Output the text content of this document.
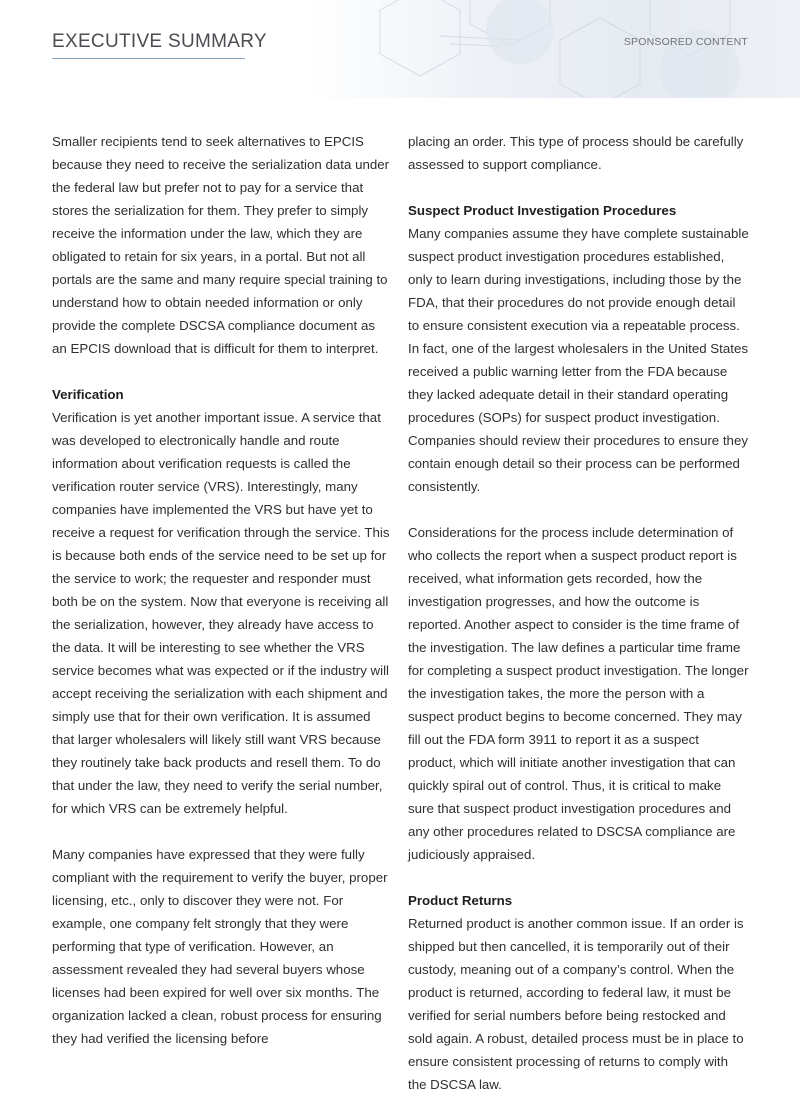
EXECUTIVE SUMMARY	SPONSORED CONTENT

Smaller recipients tend to seek alternatives to EPCIS because they need to receive the serialization data under the federal law but prefer not to pay for a service that stores the serialization for them. They prefer to simply receive the information under the law, which they are obligated to retain for six years, in a portal. But not all portals are the same and many require special training to understand how to obtain needed information or only provide the complete DSCSA compliance document as an EPCIS download that is difficult for them to interpret.

Verification

Verification is yet another important issue. A service that was developed to electronically handle and route information about verification requests is called the verification router service (VRS). Interestingly, many companies have implemented the VRS but have yet to receive a request for verification through the service. This is because both ends of the service need to be set up for the service to work; the requester and responder must both be on the system. Now that everyone is receiving all the serialization, however, they already have access to the data. It will be interesting to see whether the VRS service becomes what was expected or if the industry will accept receiving the serialization with each shipment and simply use that for their own verification. It is assumed that larger wholesalers will likely still want VRS because they routinely take back products and resell them. To do that under the law, they need to verify the serial number, for which VRS can be extremely helpful.

Many companies have expressed that they were fully compliant with the requirement to verify the buyer, proper licensing, etc., only to discover they were not. For example, one company felt strongly that they were performing that type of verification. However, an assessment revealed they had several buyers whose licenses had been expired for well over six months. The organization lacked a clean, robust process for ensuring they had verified the licensing before

placing an order. This type of process should be carefully assessed to support compliance.

Suspect Product Investigation Procedures

Many companies assume they have complete sustainable suspect product investigation procedures established, only to learn during investigations, including those by the FDA, that their procedures do not provide enough detail to ensure consistent execution via a repeatable process. In fact, one of the largest wholesalers in the United States received a public warning letter from the FDA because they lacked adequate detail in their standard operating procedures (SOPs) for suspect product investigation. Companies should review their procedures to ensure they contain enough detail so their process can be performed consistently.

Considerations for the process include determination of who collects the report when a suspect product report is received, what information gets recorded, how the investigation progresses, and how the outcome is reported. Another aspect to consider is the time frame of the investigation. The law defines a particular time frame for completing a suspect product investigation. The longer the investigation takes, the more the person with a suspect product begins to become concerned. They may fill out the FDA form 3911 to report it as a suspect product, which will initiate another investigation that can quickly spiral out of control. Thus, it is critical to make sure that suspect product investigation procedures and any other procedures related to DSCSA compliance are judiciously appraised.

Product Returns

Returned product is another common issue. If an order is shipped but then cancelled, it is temporarily out of their custody, meaning out of a company’s control. When the product is returned, according to federal law, it must be verified for serial numbers before being restocked and sold again. A robust, detailed process must be in place to ensure consistent processing of returns to comply with the DSCSA law.
